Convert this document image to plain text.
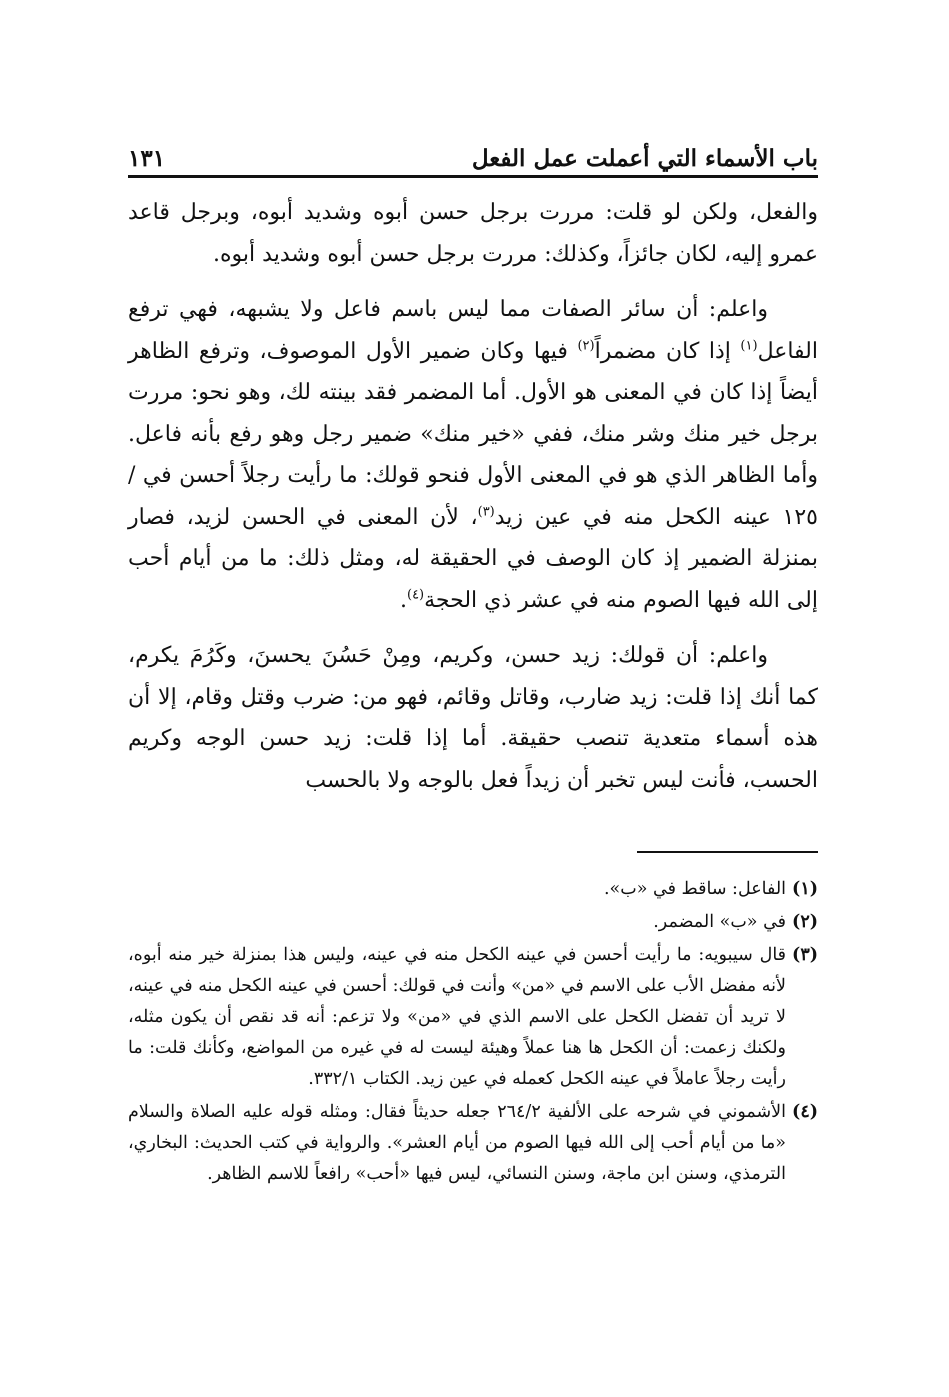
باب الأسماء التي أعملت عمل الفعل
١٣١

والفعل، ولكن لو قلت: مررت برجل حسن أبوه وشديد أبوه، وبرجل قاعد عمرو إليه، لكان جائزاً، وكذلك: مررت برجل حسن أبوه وشديد أبوه.

واعلم: أن سائر الصفات مما ليس باسم فاعل ولا يشبهه، فهي ترفع الفاعل$^{(١)}$ إذا كان مضمراً$^{(٢)}$ فيها وكان ضمير الأول الموصوف، وترفع الظاهر أيضاً إذا كان في المعنى هو الأول. أما المضمر فقد بينته لك، وهو نحو: مررت برجل خير منك وشر منك، ففي «خير منك» ضمير رجل وهو رفع بأنه فاعل. وأما الظاهر الذي هو في المعنى الأول فنحو قولك: ما رأيت رجلاً أحسن في /١٢٥ عينه الكحل منه في عين زيد$^{(٣)}$، لأن المعنى في الحسن لزيد، فصار بمنزلة الضمير إذ كان الوصف في الحقيقة له، ومثل ذلك: ما من أيام أحب إلى الله فيها الصوم منه في عشر ذي الحجة$^{(٤)}$.

واعلم: أن قولك: زيد حسن، وكريم، ومِنْ حَسُنَ يحسنَ، وكَرُمَ يكرم، كما أنك إذا قلت: زيد ضارب، وقاتل وقائم، فهو من: ضرب وقتل وقام، إلا أن هذه أسماء متعدية تنصب حقيقة. أما إذا قلت: زيد حسن الوجه وكريم الحسب، فأنت ليس تخبر أن زيداً فعل بالوجه ولا بالحسب

(١)الفاعل: ساقط في «ب».

(٢)في «ب» المضمر.

(٣)قال سيبويه: ما رأيت أحسن في عينه الكحل منه في عينه، وليس هذا بمنزلة خير منه أبوه، لأنه مفضل الأب على الاسم في «من» وأنت في قولك: أحسن في عينه الكحل منه في عينه، لا تريد أن تفضل الكحل على الاسم الذي في «من» ولا تزعم: أنه قد نقص أن يكون مثله، ولكنك زعمت: أن الكحل ها هنا عملاً وهيئة ليست له في غيره من المواضع، وكأنك قلت: ما رأيت رجلاً عاملاً في عينه الكحل كعمله في عين زيد. الكتاب ٣٣٢/١.

(٤)الأشموني في شرحه على الألفية ٢٦٤/٢ جعله حديثاً فقال: ومثله قوله عليه الصلاة والسلام «ما من أيام أحب إلى الله فيها الصوم من أيام العشر». والرواية في كتب الحديث: البخاري، الترمذي، وسنن ابن ماجة، وسنن النسائي، ليس فيها «أحب» رافعاً للاسم الظاهر.
